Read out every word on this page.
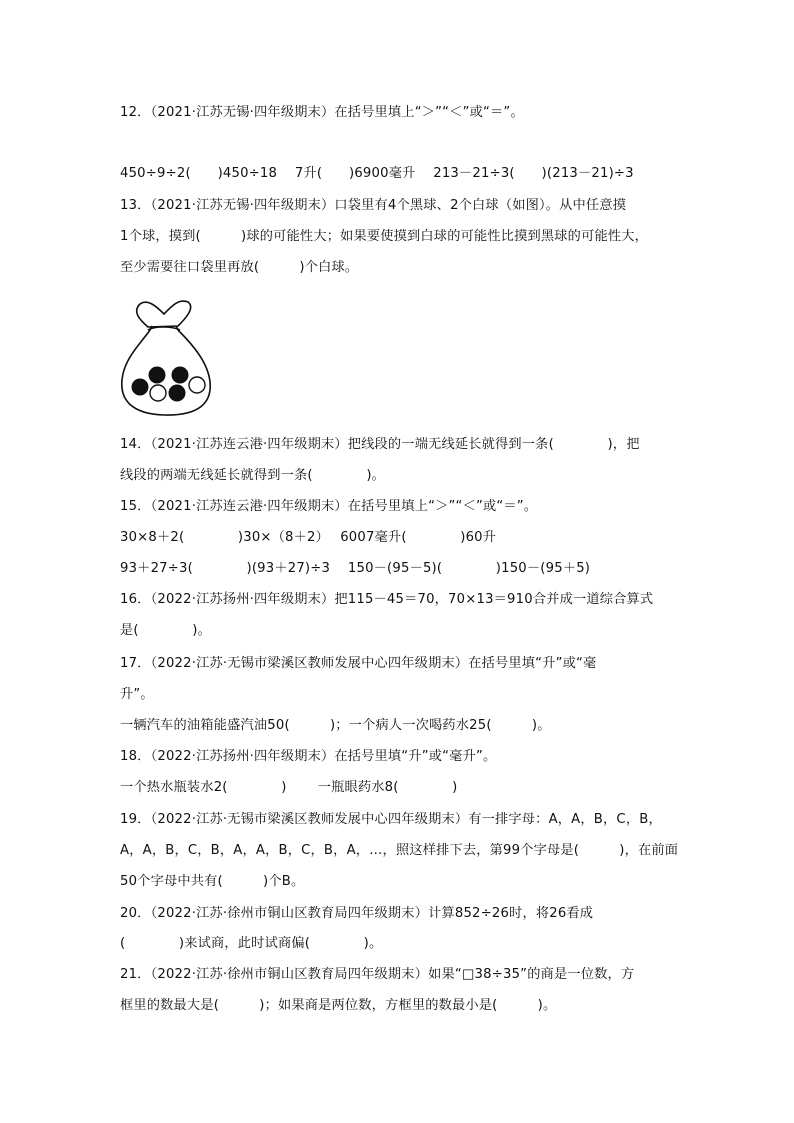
12．（2021·江苏无锡·四年级期末）在括号里填上“＞”“＜”或“＝”。
450÷9÷2(　　)450÷18　 7升(　　)6900毫升　 213－21÷3(　　)(213－21)÷3
13．（2021·江苏无锡·四年级期末）口袋里有4个黑球、2个白球（如图）。从中任意摸
1个球，摸到(　　　)球的可能性大；如果要使摸到白球的可能性比摸到黑球的可能性大，
至少需要往口袋里再放(　　　)个白球。
14．（2021·江苏连云港·四年级期末）把线段的一端无线延长就得到一条(　　　　)，把
线段的两端无线延长就得到一条(　　　　)。
15．（2021·江苏连云港·四年级期末）在括号里填上“＞”“＜”或“＝”。
30×8＋2(　　　　)30×（8＋2）　 6007毫升(　　　　)60升
93＋27÷3(　　　　)(93＋27)÷3　 150－(95－5)(　　　　)150－(95＋5)
16．（2022·江苏扬州·四年级期末）把115－45＝70，70×13＝910合并成一道综合算式
是(　　　　)。
17．（2022·江苏·无锡市梁溪区教师发展中心四年级期末）在括号里填“升”或“毫
升”。
一辆汽车的油箱能盛汽油50(　　　)；一个病人一次喝药水25(　　　)。
18．（2022·江苏扬州·四年级期末）在括号里填“升”或“毫升”。
一个热水瓶装水2(　　　　)　　 一瓶眼药水8(　　　　)
19．（2022·江苏·无锡市梁溪区教师发展中心四年级期末）有一排字母：A，A，B，C，B，
A，A，B，C，B，A，A，B，C，B，A，…，照这样排下去，第99个字母是(　　　)，在前面
50个字母中共有(　　　)个B。
20．（2022·江苏·徐州市铜山区教育局四年级期末）计算852÷26时，将26看成
(　　　　)来试商，此时试商偏(　　　　)。
21．（2022·江苏·徐州市铜山区教育局四年级期末）如果“□38÷35”的商是一位数，方
框里的数最大是(　　　)；如果商是两位数，方框里的数最小是(　　　)。
